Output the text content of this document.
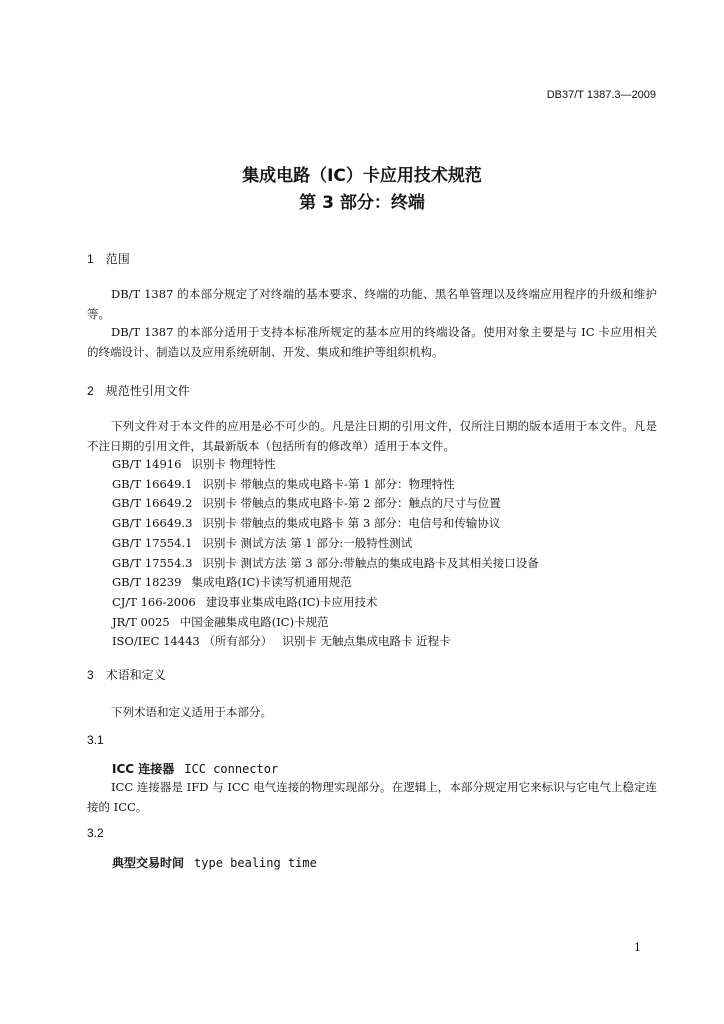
DB37/T 1387.3—2009
集成电路（IC）卡应用技术规范
第 3 部分：终端
1 范围
DB/T 1387 的本部分规定了对终端的基本要求、终端的功能、黑名单管理以及终端应用程序的升级和维护等。
DB/T 1387 的本部分适用于支持本标准所规定的基本应用的终端设备。使用对象主要是与 IC 卡应用相关的终端设计、制造以及应用系统研制、开发、集成和维护等组织机构。
2 规范性引用文件
下列文件对于本文件的应用是必不可少的。凡是注日期的引用文件，仅所注日期的版本适用于本文件。凡是不注日期的引用文件，其最新版本（包括所有的修改单）适用于本文件。
GB/T 14916 识别卡 物理特性
GB/T 16649.1 识别卡 带触点的集成电路卡-第 1 部分：物理特性
GB/T 16649.2 识别卡 带触点的集成电路卡-第 2 部分：触点的尺寸与位置
GB/T 16649.3 识别卡 带触点的集成电路卡 第 3 部分：电信号和传输协议
GB/T 17554.1 识别卡 测试方法 第 1 部分:一般特性测试
GB/T 17554.3 识别卡 测试方法 第 3 部分:带触点的集成电路卡及其相关接口设备
GB/T 18239 集成电路(IC)卡读写机通用规范
CJ/T 166-2006 建设事业集成电路(IC)卡应用技术
JR/T 0025 中国金融集成电路(IC)卡规范
ISO/IEC 14443 （所有部分） 识别卡 无触点集成电路卡 近程卡
3 术语和定义
下列术语和定义适用于本部分。
3.1
ICC 连接器 ICC connector
ICC 连接器是 IFD 与 ICC 电气连接的物理实现部分。在逻辑上，本部分规定用它来标识与它电气上稳定连接的 ICC。
3.2
典型交易时间 type bealing time
1
